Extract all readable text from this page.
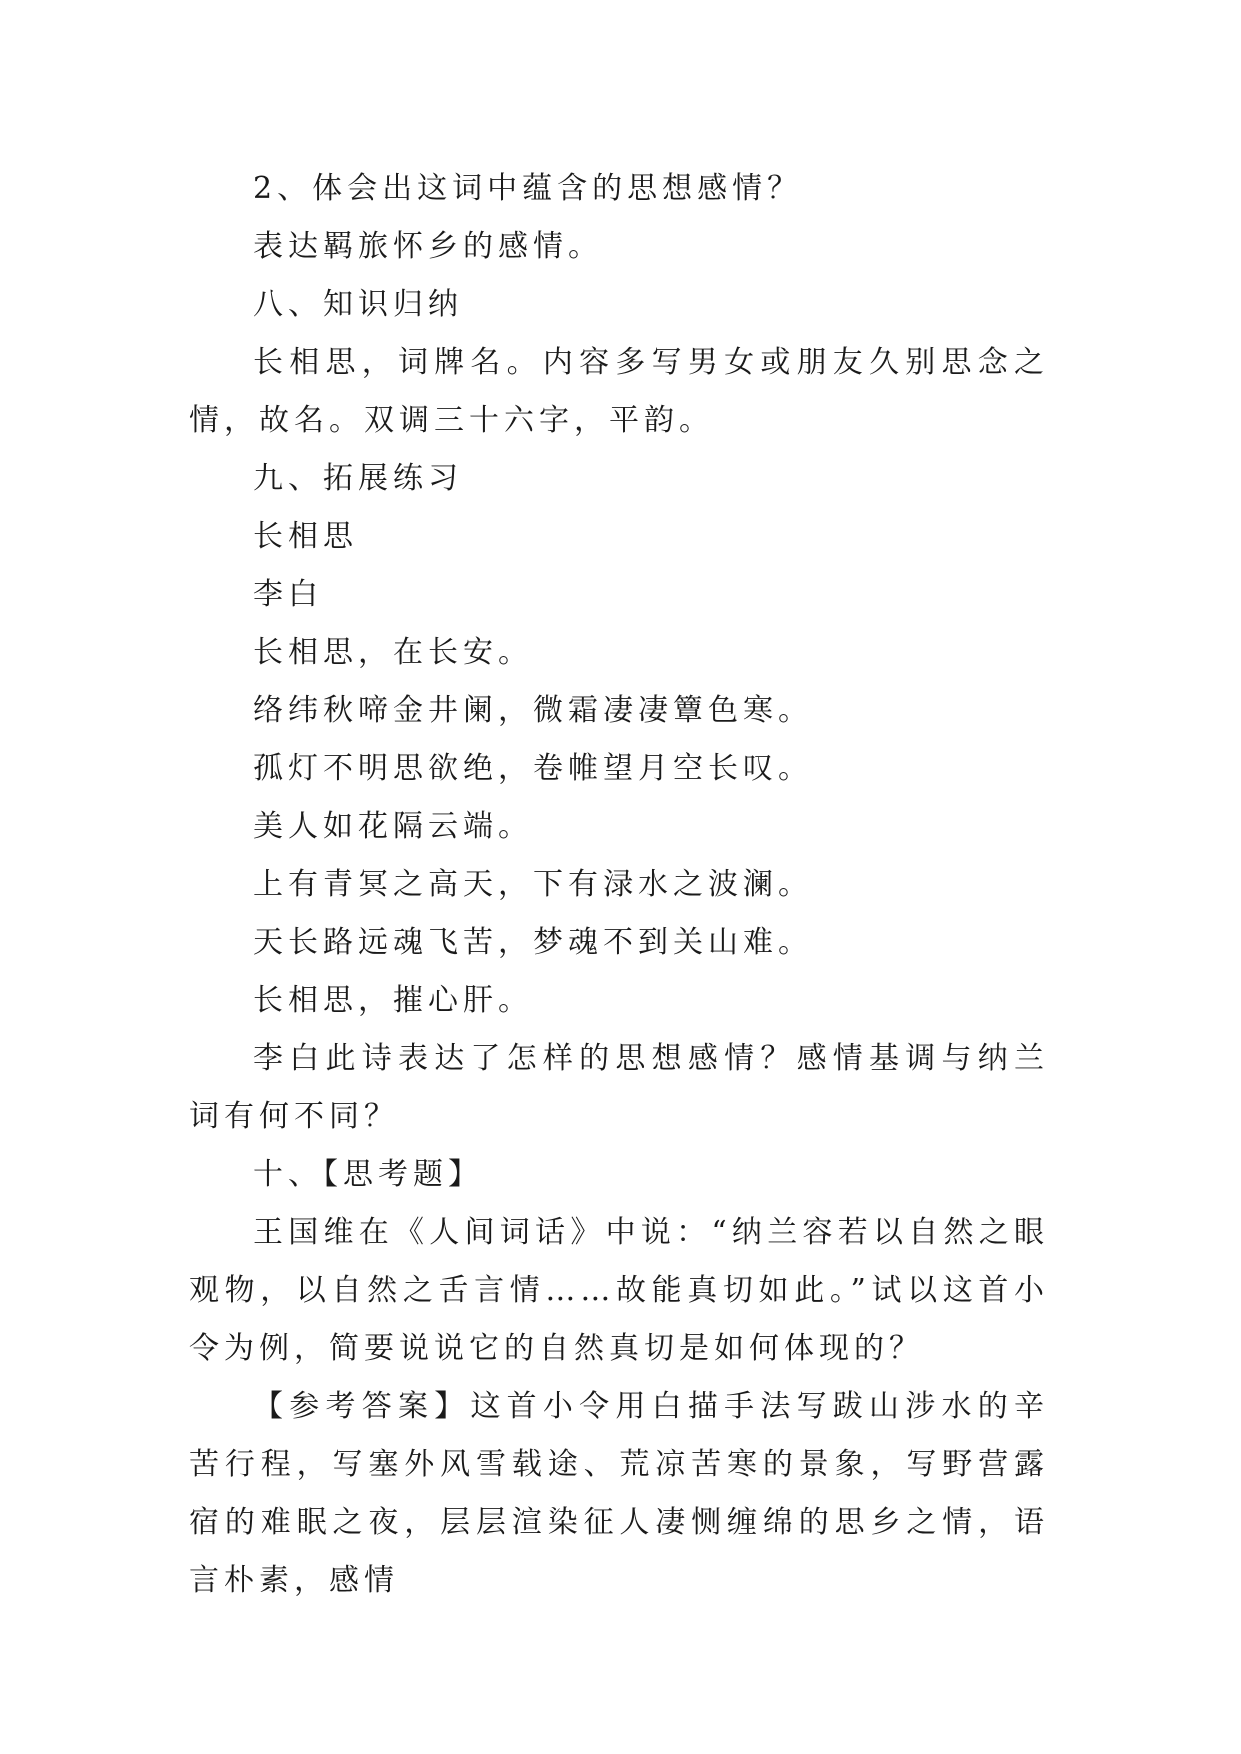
2、体会出这词中蕴含的思想感情？

表达羁旅怀乡的感情。

八、知识归纳

长相思，词牌名。内容多写男女或朋友久别思念之情，故名。双调三十六字，平韵。

九、拓展练习

长相思

李白

长相思，在长安。

络纬秋啼金井阑，微霜凄凄簟色寒。

孤灯不明思欲绝，卷帷望月空长叹。

美人如花隔云端。

上有青冥之高天，下有渌水之波澜。

天长路远魂飞苦，梦魂不到关山难。

长相思，摧心肝。

李白此诗表达了怎样的思想感情？感情基调与纳兰词有何不同？

十、【思考题】

王国维在《人间词话》中说：“纳兰容若以自然之眼观物，以自然之舌言情……故能真切如此。”试以这首小令为例，简要说说它的自然真切是如何体现的？

【参考答案】这首小令用白描手法写跋山涉水的辛苦行程，写塞外风雪载途、荒凉苦寒的景象，写野营露宿的难眠之夜，层层渲染征人凄恻缠绵的思乡之情，语言朴素，感情
